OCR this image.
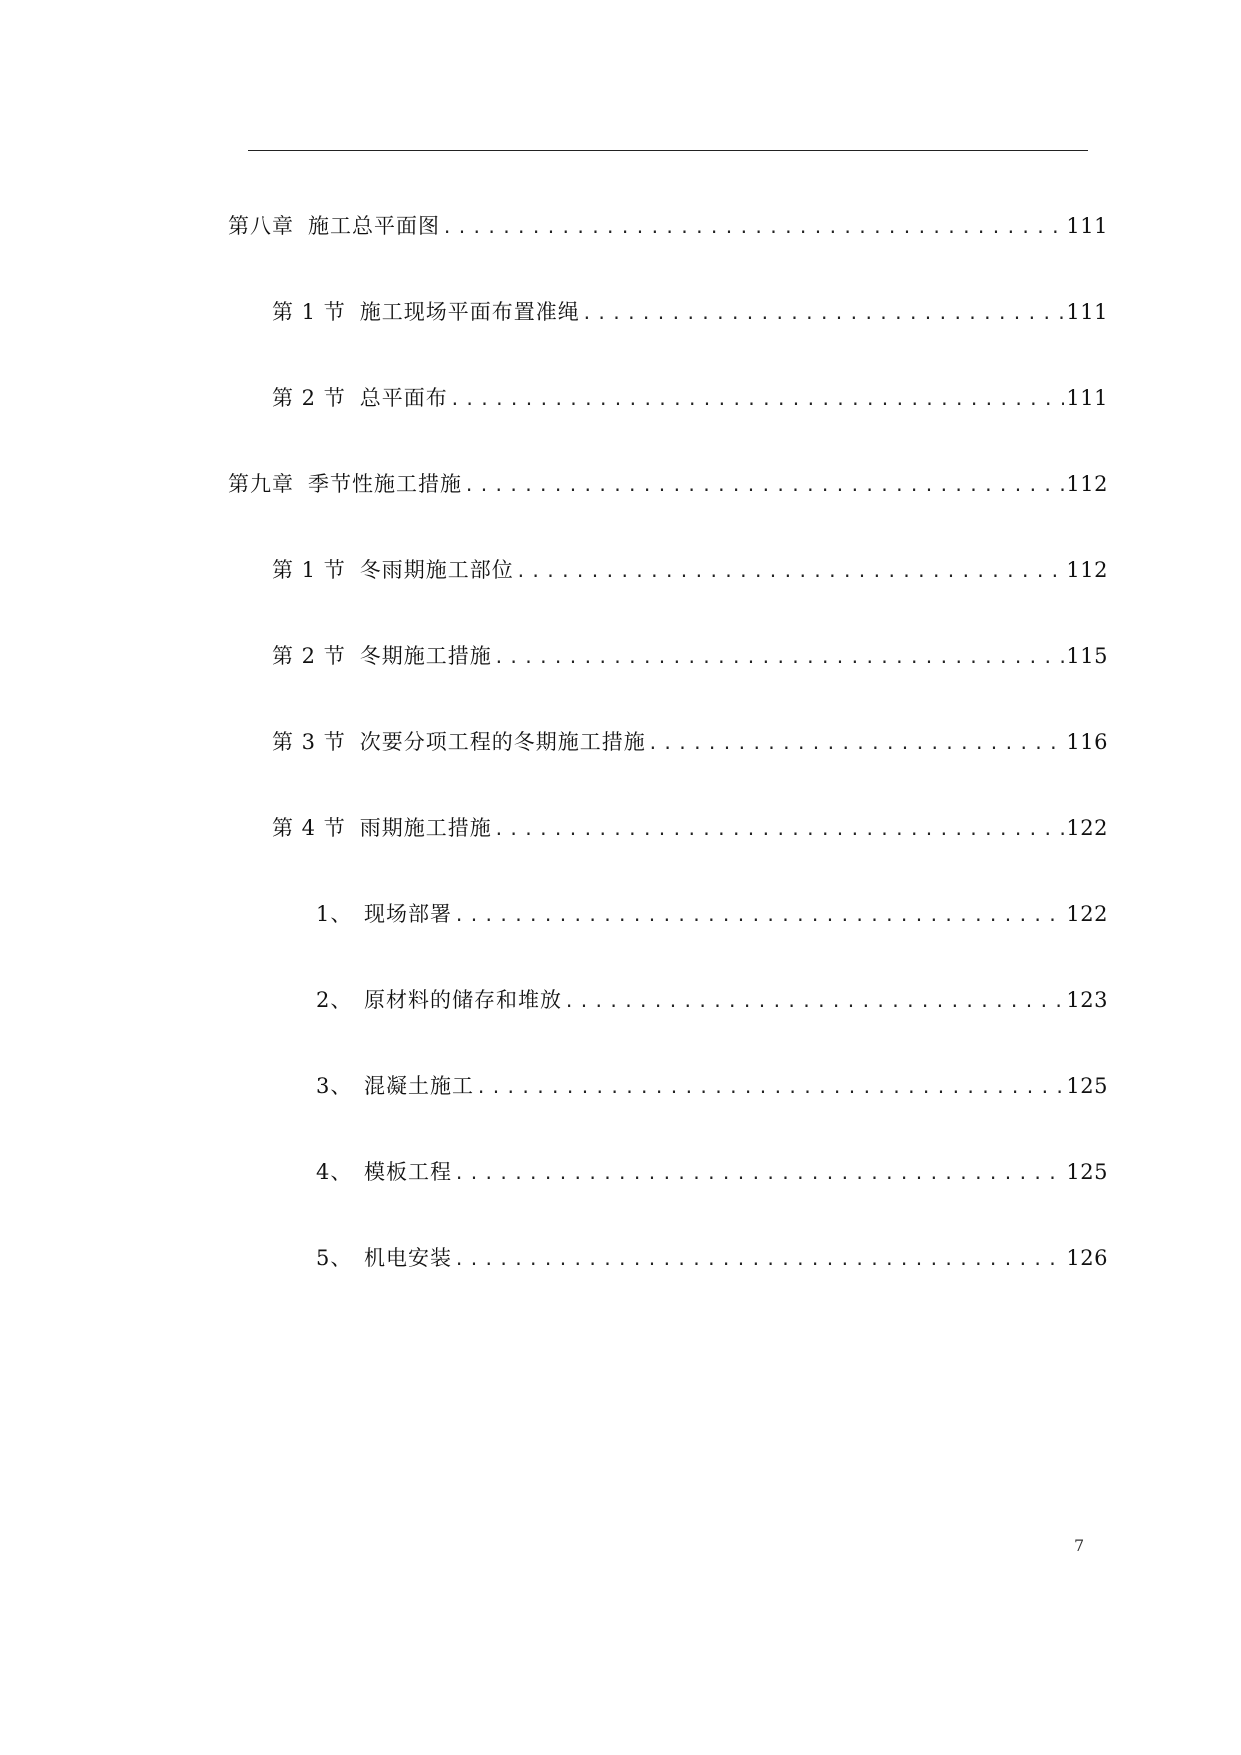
第八章 施工总平面图 .....	111
第 1 节 施工现场平面布置准绳 .....	111
第 2 节 总平面布 .....	111
第九章 季节性施工措施 .....	112
第 1 节 冬雨期施工部位 .....	112
第 2 节 冬期施工措施 .....	115
第 3 节 次要分项工程的冬期施工措施 .....	116
第 4 节 雨期施工措施 .....	122
1、 现场部署 .....	122
2、 原材料的储存和堆放 .....	123
3、 混凝土施工 .....	125
4、 模板工程 .....	125
5、 机电安装 .....	126
7
